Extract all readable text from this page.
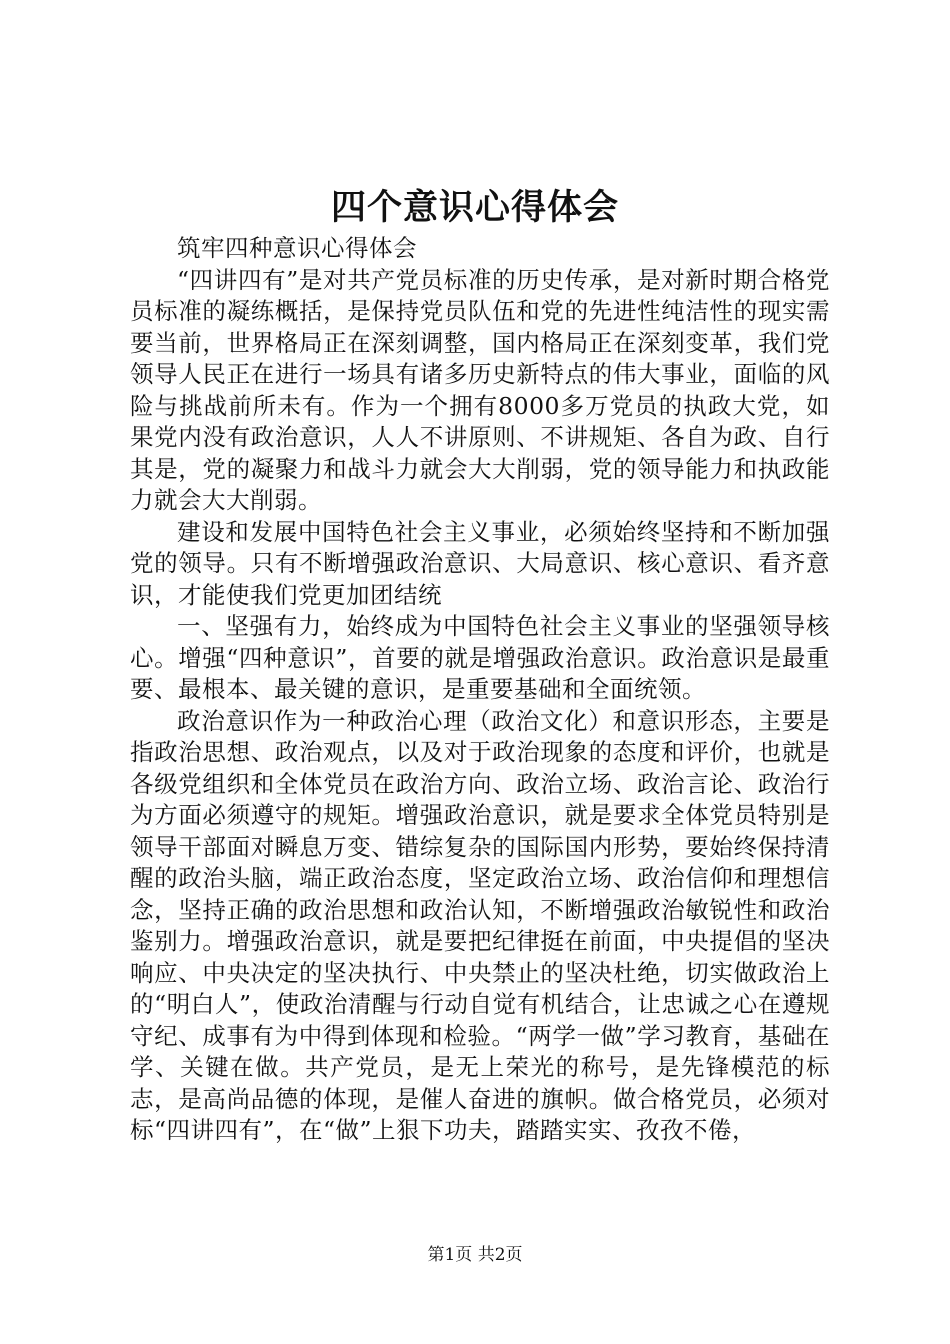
四个意识心得体会

筑牢四种意识心得体会

“四讲四有”是对共产党员标准的历史传承，是对新时期合格党员标准的凝练概括，是保持党员队伍和党的先进性纯洁性的现实需要当前，世界格局正在深刻调整，国内格局正在深刻变革，我们党领导人民正在进行一场具有诸多历史新特点的伟大事业，面临的风险与挑战前所未有。作为一个拥有8000多万党员的执政大党，如果党内没有政治意识，人人不讲原则、不讲规矩、各自为政、自行其是，党的凝聚力和战斗力就会大大削弱，党的领导能力和执政能力就会大大削弱。

建设和发展中国特色社会主义事业，必须始终坚持和不断加强党的领导。只有不断增强政治意识、大局意识、核心意识、看齐意识，才能使我们党更加团结统

一、坚强有力，始终成为中国特色社会主义事业的坚强领导核心。增强“四种意识”，首要的就是增强政治意识。政治意识是最重要、最根本、最关键的意识，是重要基础和全面统领。

政治意识作为一种政治心理（政治文化）和意识形态，主要是指政治思想、政治观点，以及对于政治现象的态度和评价，也就是各级党组织和全体党员在政治方向、政治立场、政治言论、政治行为方面必须遵守的规矩。增强政治意识，就是要求全体党员特别是领导干部面对瞬息万变、错综复杂的国际国内形势，要始终保持清醒的政治头脑，端正政治态度，坚定政治立场、政治信仰和理想信念，坚持正确的政治思想和政治认知，不断增强政治敏锐性和政治鉴别力。增强政治意识，就是要把纪律挺在前面，中央提倡的坚决响应、中央决定的坚决执行、中央禁止的坚决杜绝，切实做政治上的“明白人”，使政治清醒与行动自觉有机结合，让忠诚之心在遵规守纪、成事有为中得到体现和检验。“两学一做”学习教育，基础在学、关键在做。共产党员，是无上荣光的称号，是先锋模范的标志，是高尚品德的体现，是催人奋进的旗帜。做合格党员，必须对标“四讲四有”，在“做”上狠下功夫，踏踏实实、孜孜不倦，

第1页 共2页
